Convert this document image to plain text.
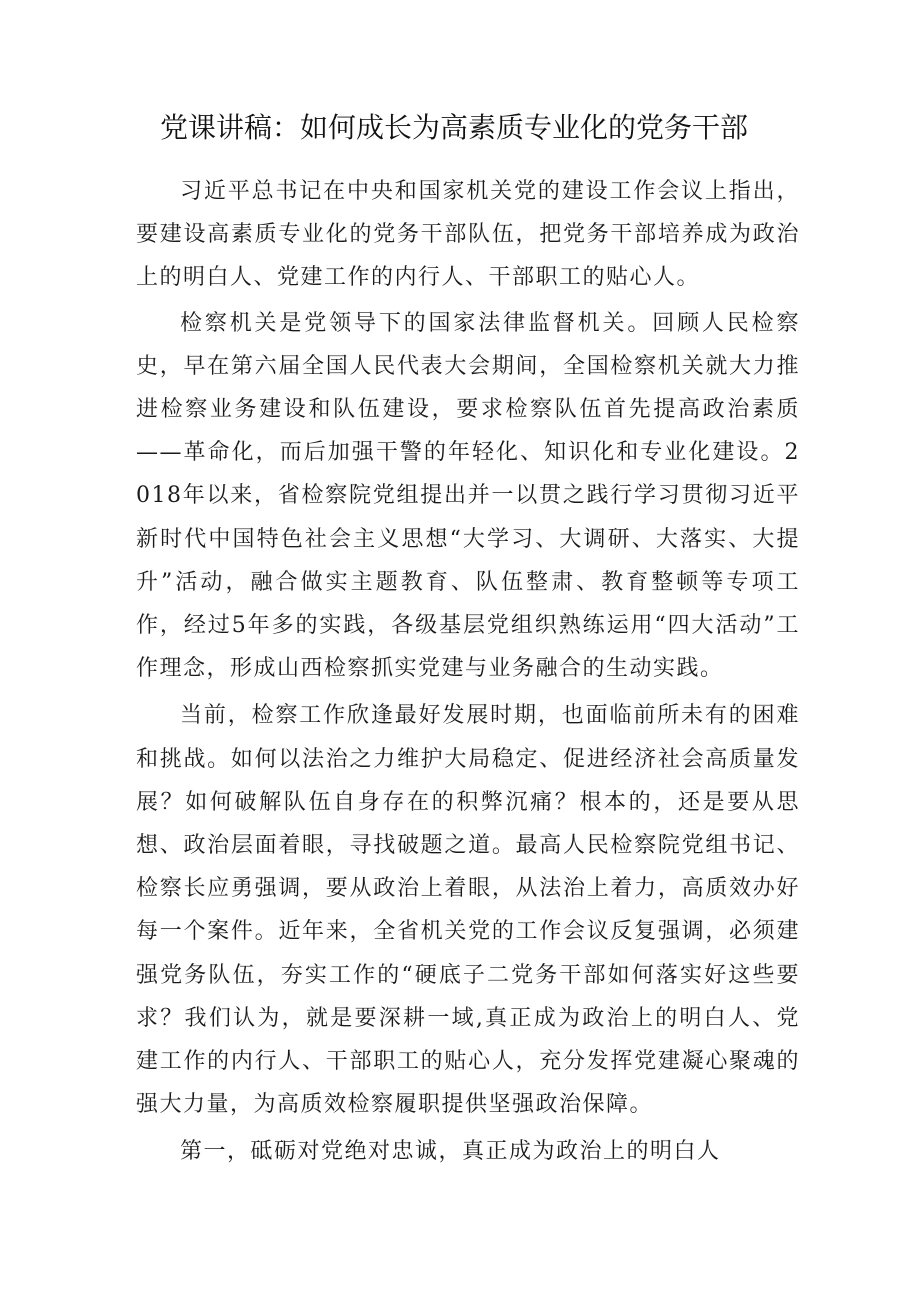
党课讲稿：如何成长为高素质专业化的党务干部

习近平总书记在中央和国家机关党的建设工作会议上指出，要建设高素质专业化的党务干部队伍，把党务干部培养成为政治上的明白人、党建工作的内行人、干部职工的贴心人。

检察机关是党领导下的国家法律监督机关。回顾人民检察史，早在第六届全国人民代表大会期间，全国检察机关就大力推进检察业务建设和队伍建设，要求检察队伍首先提高政治素质——革命化，而后加强干警的年轻化、知识化和专业化建设。2018年以来，省检察院党组提出并一以贯之践行学习贯彻习近平新时代中国特色社会主义思想“大学习、大调研、大落实、大提升”活动，融合做实主题教育、队伍整肃、教育整顿等专项工作，经过5年多的实践，各级基层党组织熟练运用“四大活动”工作理念，形成山西检察抓实党建与业务融合的生动实践。

当前，检察工作欣逢最好发展时期，也面临前所未有的困难和挑战。如何以法治之力维护大局稳定、促进经济社会高质量发展？如何破解队伍自身存在的积弊沉痛？根本的，还是要从思想、政治层面着眼，寻找破题之道。最高人民检察院党组书记、检察长应勇强调，要从政治上着眼，从法治上着力，高质效办好每一个案件。近年来，全省机关党的工作会议反复强调，必须建强党务队伍，夯实工作的“硬底子二党务干部如何落实好这些要求？我们认为，就是要深耕一域,真正成为政治上的明白人、党建工作的内行人、干部职工的贴心人，充分发挥党建凝心聚魂的强大力量，为高质效检察履职提供坚强政治保障。

第一，砥砺对党绝对忠诚，真正成为政治上的明白人
